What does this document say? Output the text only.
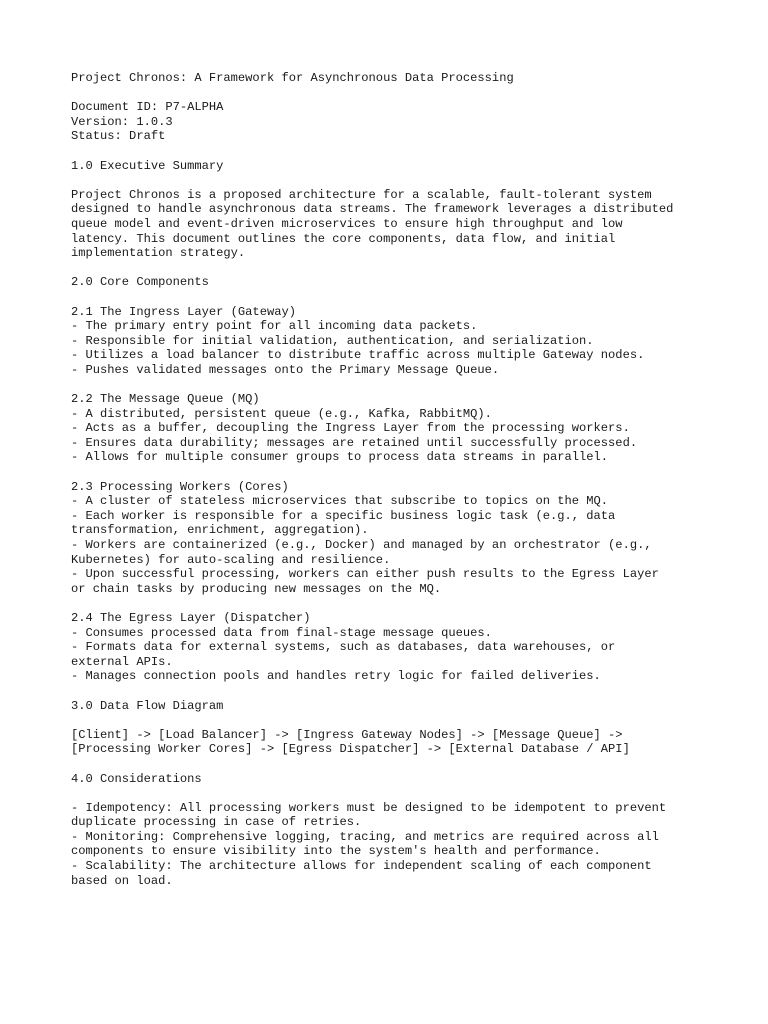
Project Chronos: A Framework for Asynchronous Data Processing

Document ID: P7-ALPHA

Version: 1.0.3

Status: Draft

1.0 Executive Summary

Project Chronos is a proposed architecture for a scalable, fault-tolerant system

designed to handle asynchronous data streams. The framework leverages a distributed

queue model and event-driven microservices to ensure high throughput and low

latency. This document outlines the core components, data flow, and initial

implementation strategy.

2.0 Core Components

2.1 The Ingress Layer (Gateway)

- The primary entry point for all incoming data packets.

- Responsible for initial validation, authentication, and serialization.

- Utilizes a load balancer to distribute traffic across multiple Gateway nodes.

- Pushes validated messages onto the Primary Message Queue.

2.2 The Message Queue (MQ)

- A distributed, persistent queue (e.g., Kafka, RabbitMQ).

- Acts as a buffer, decoupling the Ingress Layer from the processing workers.

- Ensures data durability; messages are retained until successfully processed.

- Allows for multiple consumer groups to process data streams in parallel.

2.3 Processing Workers (Cores)

- A cluster of stateless microservices that subscribe to topics on the MQ.

- Each worker is responsible for a specific business logic task (e.g., data

transformation, enrichment, aggregation).

- Workers are containerized (e.g., Docker) and managed by an orchestrator (e.g.,

Kubernetes) for auto-scaling and resilience.

- Upon successful processing, workers can either push results to the Egress Layer

or chain tasks by producing new messages on the MQ.

2.4 The Egress Layer (Dispatcher)

- Consumes processed data from final-stage message queues.

- Formats data for external systems, such as databases, data warehouses, or

external APIs.

- Manages connection pools and handles retry logic for failed deliveries.

3.0 Data Flow Diagram

[Client] -> [Load Balancer] -> [Ingress Gateway Nodes] -> [Message Queue] ->

[Processing Worker Cores] -> [Egress Dispatcher] -> [External Database / API]

4.0 Considerations

- Idempotency: All processing workers must be designed to be idempotent to prevent

duplicate processing in case of retries.

- Monitoring: Comprehensive logging, tracing, and metrics are required across all

components to ensure visibility into the system's health and performance.

- Scalability: The architecture allows for independent scaling of each component

based on load.
